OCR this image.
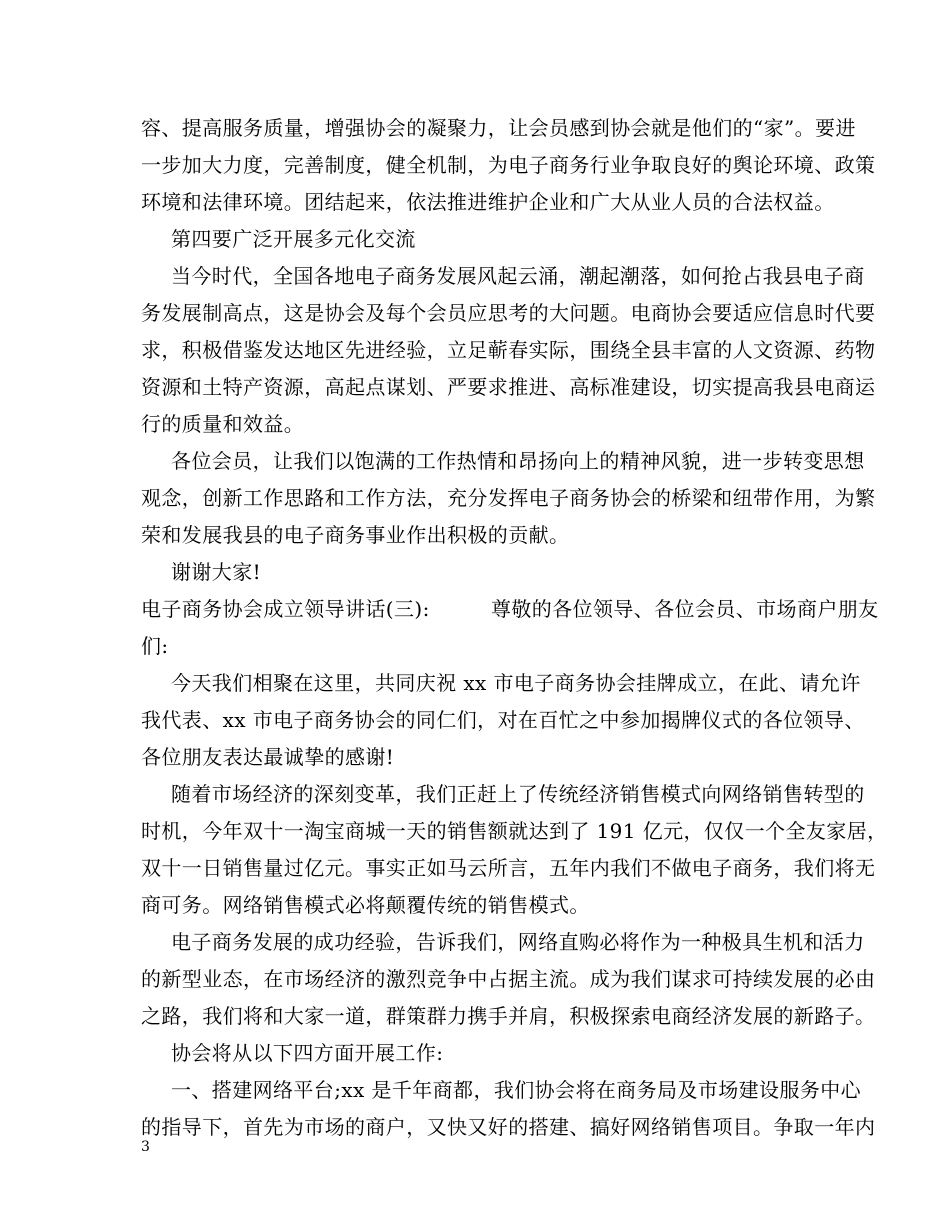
容、提高服务质量，增强协会的凝聚力，让会员感到协会就是他们的“家”。要进
一步加大力度，完善制度，健全机制，为电子商务行业争取良好的舆论环境、政策
环境和法律环境。团结起来，依法推进维护企业和广大从业人员的合法权益。
第四要广泛开展多元化交流
当今时代，全国各地电子商务发展风起云涌，潮起潮落，如何抢占我县电子商
务发展制高点，这是协会及每个会员应思考的大问题。电商协会要适应信息时代要
求，积极借鉴发达地区先进经验，立足蕲春实际，围绕全县丰富的人文资源、药物
资源和土特产资源，高起点谋划、严要求推进、高标准建设，切实提高我县电商运
行的质量和效益。
各位会员，让我们以饱满的工作热情和昂扬向上的精神风貌，进一步转变思想
观念，创新工作思路和工作方法，充分发挥电子商务协会的桥梁和纽带作用，为繁
荣和发展我县的电子商务事业作出积极的贡献。
谢谢大家!
电子商务协会成立领导讲话(三):　　　尊敬的各位领导、各位会员、市场商户朋友
们:
今天我们相聚在这里，共同庆祝 xx 市电子商务协会挂牌成立，在此、请允许
我代表、xx 市电子商务协会的同仁们，对在百忙之中参加揭牌仪式的各位领导、
各位朋友表达最诚挚的感谢!
随着市场经济的深刻变革，我们正赶上了传统经济销售模式向网络销售转型的
时机，今年双十一淘宝商城一天的销售额就达到了 191 亿元，仅仅一个全友家居，
双十一日销售量过亿元。事实正如马云所言，五年内我们不做电子商务，我们将无
商可务。网络销售模式必将颠覆传统的销售模式。
电子商务发展的成功经验，告诉我们，网络直购必将作为一种极具生机和活力
的新型业态，在市场经济的激烈竞争中占据主流。成为我们谋求可持续发展的必由
之路，我们将和大家一道，群策群力携手并肩，积极探索电商经济发展的新路子。
协会将从以下四方面开展工作:
一、搭建网络平台;xx 是千年商都，我们协会将在商务局及市场建设服务中心
的指导下，首先为市场的商户，又快又好的搭建、搞好网络销售项目。争取一年内
3
